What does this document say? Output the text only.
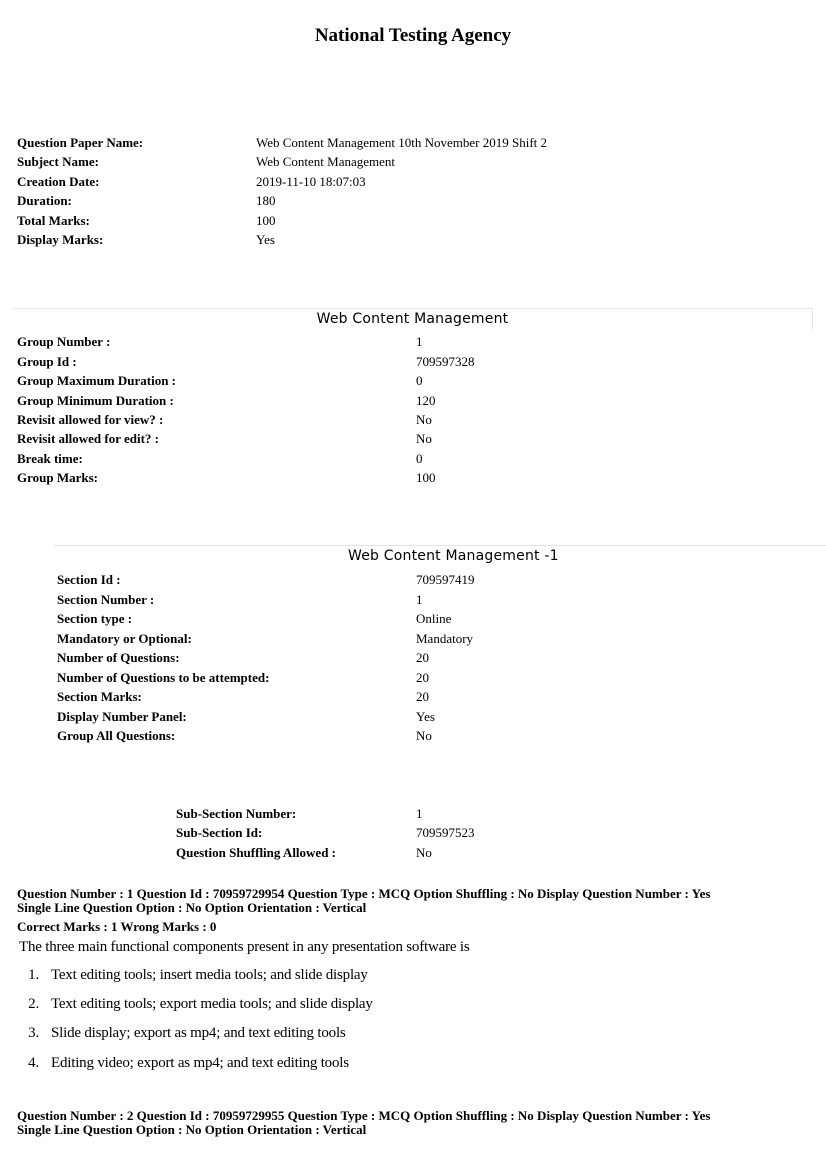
National Testing Agency
Question Paper Name:	Web Content Management 10th November 2019 Shift 2
Subject Name:	Web Content Management
Creation Date:	2019-11-10 18:07:03
Duration:	180
Total Marks:	100
Display Marks:	Yes
Web Content Management
Group Number :	1
Group Id :	709597328
Group Maximum Duration :	0
Group Minimum Duration :	120
Revisit allowed for view? :	No
Revisit allowed for edit? :	No
Break time:	0
Group Marks:	100
Web Content Management -1
Section Id :	709597419
Section Number :	1
Section type :	Online
Mandatory or Optional:	Mandatory
Number of Questions:	20
Number of Questions to be attempted:	20
Section Marks:	20
Display Number Panel:	Yes
Group All Questions:	No
Sub-Section Number:	1
Sub-Section Id:	709597523
Question Shuffling Allowed :	No
Question Number : 1 Question Id : 70959729954 Question Type : MCQ Option Shuffling : No Display Question Number : Yes
Single Line Question Option : No Option Orientation : Vertical
Correct Marks : 1 Wrong Marks : 0
The three main functional components present in any presentation software is
1. Text editing tools; insert media tools; and slide display
2. Text editing tools; export media tools; and slide display
3. Slide display; export as mp4; and text editing tools
4. Editing video; export as mp4; and text editing tools
Question Number : 2 Question Id : 70959729955 Question Type : MCQ Option Shuffling : No Display Question Number : Yes
Single Line Question Option : No Option Orientation : Vertical
